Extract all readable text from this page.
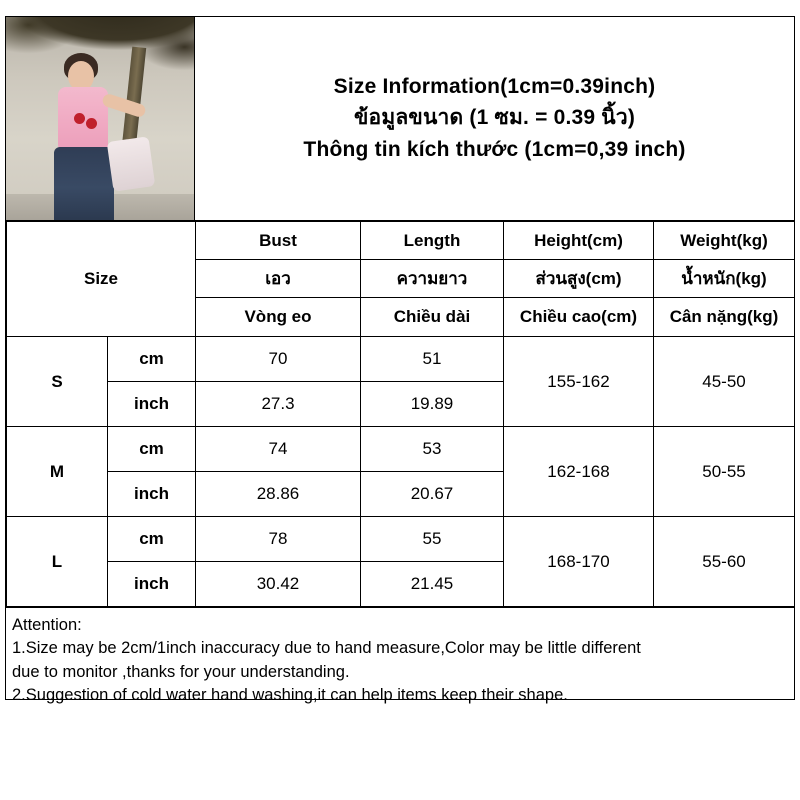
Size Information(1cm=0.39inch)
ข้อมูลขนาด (1 ซม. = 0.39 นิ้ว)
Thông tin kích thước (1cm=0,39 inch)
Size		Bust	Length	Height(cm)	Weight(kg)
		เอว	ความยาว	ส่วนสูง(cm)	น้ำหนัก(kg)
		Vòng eo	Chiều dài	Chiều cao(cm)	Cân nặng(kg)
S	cm	70	51	155-162	45-50
	inch	27.3	19.89		
M	cm	74	53	162-168	50-55
	inch	28.86	20.67		
L	cm	78	55	168-170	55-60
	inch	30.42	21.45		
Attention:
1.Size may be 2cm/1inch inaccuracy due to hand measure,Color may be little different
due to monitor ,thanks for your understanding.
2.Suggestion of cold water hand washing,it can help items keep their shape.
